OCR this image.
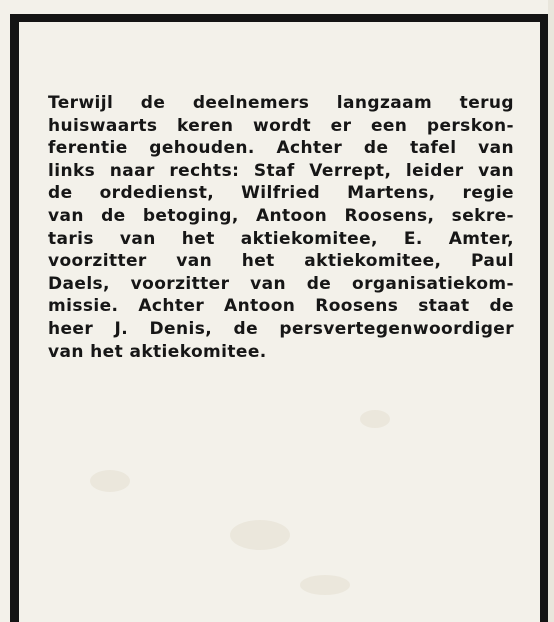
Terwijl de deelnemers langzaam terug
huiswaarts keren wordt er een perskon-
ferentie gehouden. Achter de tafel van
links naar rechts: Staf Verrept, leider van
de ordedienst, Wilfried Martens, regie
van de betoging, Antoon Roosens, sekre-
taris van het aktiekomitee, E. Amter,
voorzitter van het aktiekomitee, Paul
Daels, voorzitter van de organisatiekom-
missie. Achter Antoon Roosens staat de
heer J. Denis, de persvertegenwoordiger
van het aktiekomitee.
